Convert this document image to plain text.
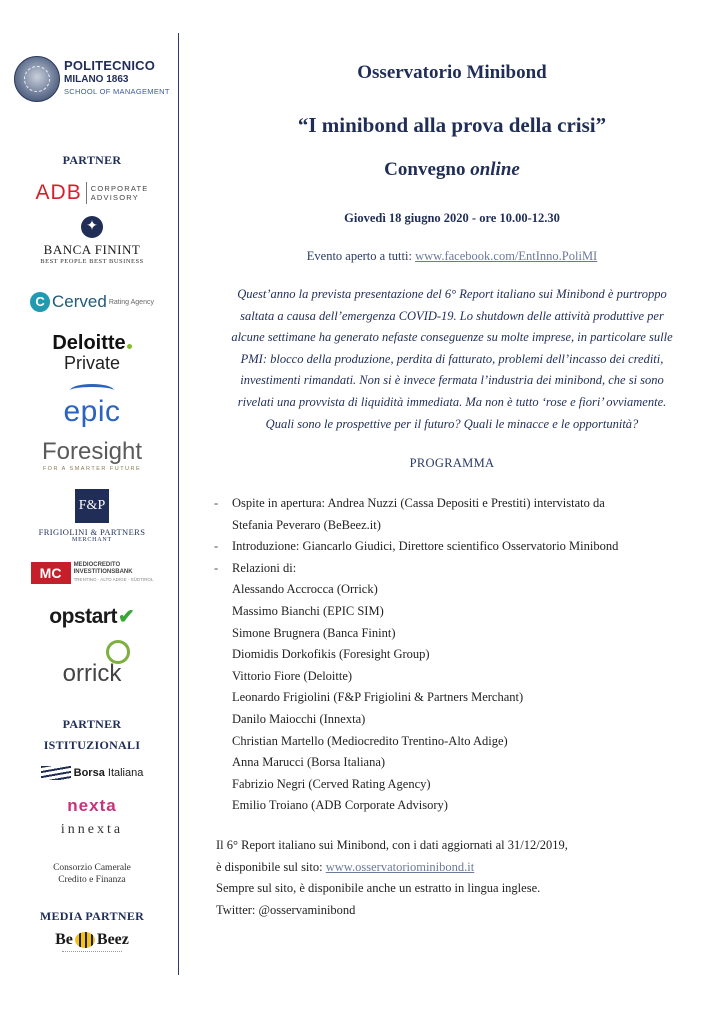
POLITECNICO
MILANO 1863
SCHOOL OF MANAGEMENT
PARTNER
ADB CORPORATE
ADVISORY
✦
BANCA FININT
BEST PEOPLE BEST BUSINESS
C Cerved Rating Agency
Deloitte
Private
epic
Foresight
FOR A SMARTER FUTURE
F&P
FRIGIOLINI & PARTNERS
MERCHANT
MC MEDIOCREDITO
INVESTITIONSBANK
TRENTINO · ALTO ADIGE · SÜDTIROL
opstart✔
orrick
PARTNER
ISTITUZIONALI
Borsa Italiana
nexta
innexta
Consorzio Camerale
Credito e Finanza
MEDIA PARTNER
Be Beez
Osservatorio Minibond
“I minibond alla prova della crisi”
Convegno online
Giovedì 18 giugno 2020 - ore 10.00-12.30
Evento aperto a tutti: www.facebook.com/EntInno.PoliMI
Quest’anno la prevista presentazione del 6° Report italiano sui Minibond è purtroppo
saltata a causa dell’emergenza COVID-19. Lo shutdown delle attività produttive per
alcune settimane ha generato nefaste conseguenze su molte imprese, in particolare sulle
PMI: blocco della produzione, perdita di fatturato, problemi dell’incasso dei crediti,
investimenti rimandati. Non si è invece fermata l’industria dei minibond, che si sono
rivelati una provvista di liquidità immediata. Ma non è tutto ‘rose e fiori’ ovviamente.
Quali sono le prospettive per il futuro? Quali le minacce e le opportunità?
PROGRAMMA
- Ospite in apertura: Andrea Nuzzi (Cassa Depositi e Prestiti) intervistato da
Stefania Peveraro (BeBeez.it)
- Introduzione: Giancarlo Giudici, Direttore scientifico Osservatorio Minibond
- Relazioni di:
Alessando Accrocca (Orrick)
Massimo Bianchi (EPIC SIM)
Simone Brugnera (Banca Finint)
Diomidis Dorkofikis (Foresight Group)
Vittorio Fiore (Deloitte)
Leonardo Frigiolini (F&P Frigiolini & Partners Merchant)
Danilo Maiocchi (Innexta)
Christian Martello (Mediocredito Trentino-Alto Adige)
Anna Marucci (Borsa Italiana)
Fabrizio Negri (Cerved Rating Agency)
Emilio Troiano (ADB Corporate Advisory)
Il 6° Report italiano sui Minibond, con i dati aggiornati al 31/12/2019,
è disponibile sul sito: www.osservatoriominibond.it
Sempre sul sito, è disponibile anche un estratto in lingua inglese.
Twitter: @osservaminibond
